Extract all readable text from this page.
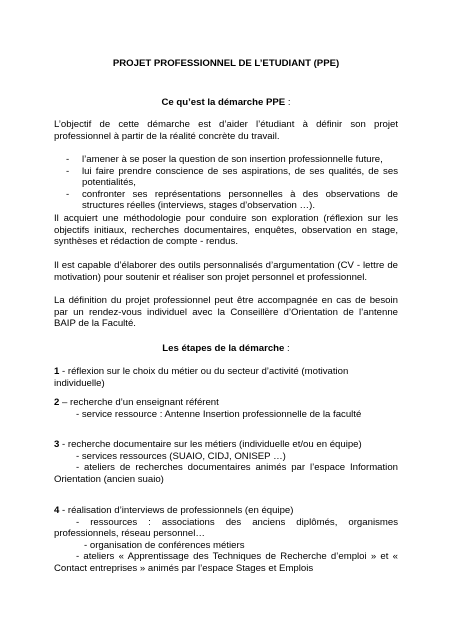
PROJET PROFESSIONNEL DE L’ETUDIANT (PPE)
Ce qu’est la démarche PPE :

L’objectif de cette démarche est d’aider l’étudiant à définir son projet professionnel à partir de la réalité concrète du travail.

- l’amener à se poser la question de son insertion professionnelle future,
- lui faire prendre conscience de ses aspirations, de ses qualités, de ses potentialités,
- confronter ses représentations personnelles à des observations de structures réelles (interviews, stages d’observation …).

Il acquiert une méthodologie pour conduire son exploration (réflexion sur les objectifs initiaux, recherches documentaires, enquêtes, observation en stage, synthèses et rédaction de compte - rendus.

Il est capable d’élaborer des outils personnalisés d’argumentation (CV - lettre de motivation) pour soutenir et réaliser son projet personnel et professionnel.

La définition du projet professionnel peut être accompagnée en cas de besoin par un rendez-vous individuel avec la Conseillère d’Orientation de l’antenne BAIP de la Faculté.

Les étapes de la démarche :

1 - réflexion sur le choix du métier ou du secteur d’activité (motivation individuelle)

2 – recherche d’un enseignant référent

- service ressource : Antenne Insertion professionnelle de la faculté

3 - recherche documentaire sur les métiers (individuelle et/ou en équipe)

- services ressources (SUAIO, CIDJ, ONISEP …)

- ateliers de recherches documentaires animés par l’espace Information Orientation (ancien suaio)

4 - réalisation d’interviews de professionnels (en équipe)

- ressources : associations des anciens diplômés, organismes professionnels, réseau personnel…

- organisation de conférences métiers

- ateliers « Apprentissage des Techniques de Recherche d’emploi » et « Contact entreprises » animés par l’espace Stages et Emplois
